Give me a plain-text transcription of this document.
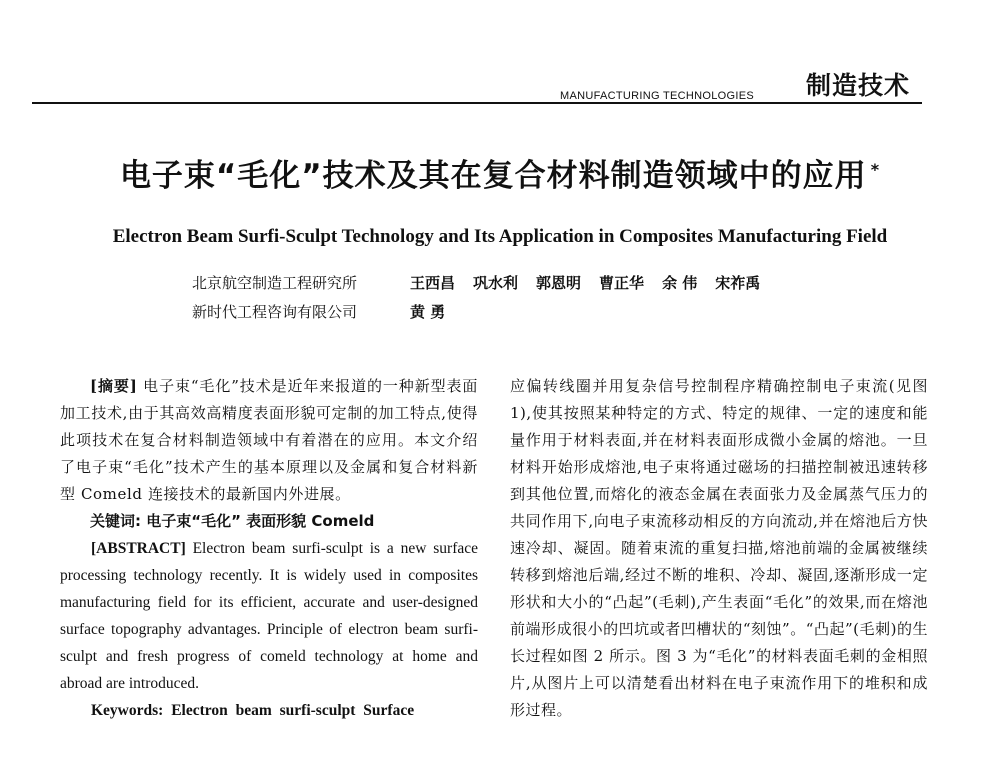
MANUFACTURING TECHNOLOGIES 制造技术
电子束“毛化”技术及其在复合材料制造领域中的应用 *
Electron Beam Surfi-Sculpt Technology and Its Application in Composites Manufacturing Field
北京航空制造工程研究所	王西昌 巩水利 郭恩明 曹正华 余 伟 宋祚禹
新时代工程咨询有限公司	黄 勇

[摘要] 电子束“毛化”技术是近年来报道的一种新型表面加工技术,由于其高效高精度表面形貌可定制的加工特点,使得此项技术在复合材料制造领域中有着潜在的应用。本文介绍了电子束“毛化”技术产生的基本原理以及金属和复合材料新型 Comeld 连接技术的最新国内外进展。

关键词: 电子束“毛化” 表面形貌 Comeld

[ABSTRACT] Electron beam surfi-sculpt is a new surface processing technology recently. It is widely used in composites manufacturing field for its efficient, accurate and user-designed surface topography advantages. Principle of electron beam surfi-sculpt and fresh progress of comeld technology at home and abroad are introduced.

Keywords: Electron beam surfi-sculpt Surface

应偏转线圈并用复杂信号控制程序精确控制电子束流(见图 1),使其按照某种特定的方式、特定的规律、一定的速度和能量作用于材料表面,并在材料表面形成微小金属的熔池。一旦材料开始形成熔池,电子束将通过磁场的扫描控制被迅速转移到其他位置,而熔化的液态金属在表面张力及金属蒸气压力的共同作用下,向电子束流移动相反的方向流动,并在熔池后方快速冷却、凝固。随着束流的重复扫描,熔池前端的金属被继续转移到熔池后端,经过不断的堆积、冷却、凝固,逐渐形成一定形状和大小的“凸起”(毛刺),产生表面“毛化”的效果,而在熔池前端形成很小的凹坑或者凹槽状的“刻蚀”。“凸起”(毛刺)的生长过程如图 2 所示。图 3 为“毛化”的材料表面毛刺的金相照片,从图片上可以清楚看出材料在电子束流作用下的堆积和成形过程。
